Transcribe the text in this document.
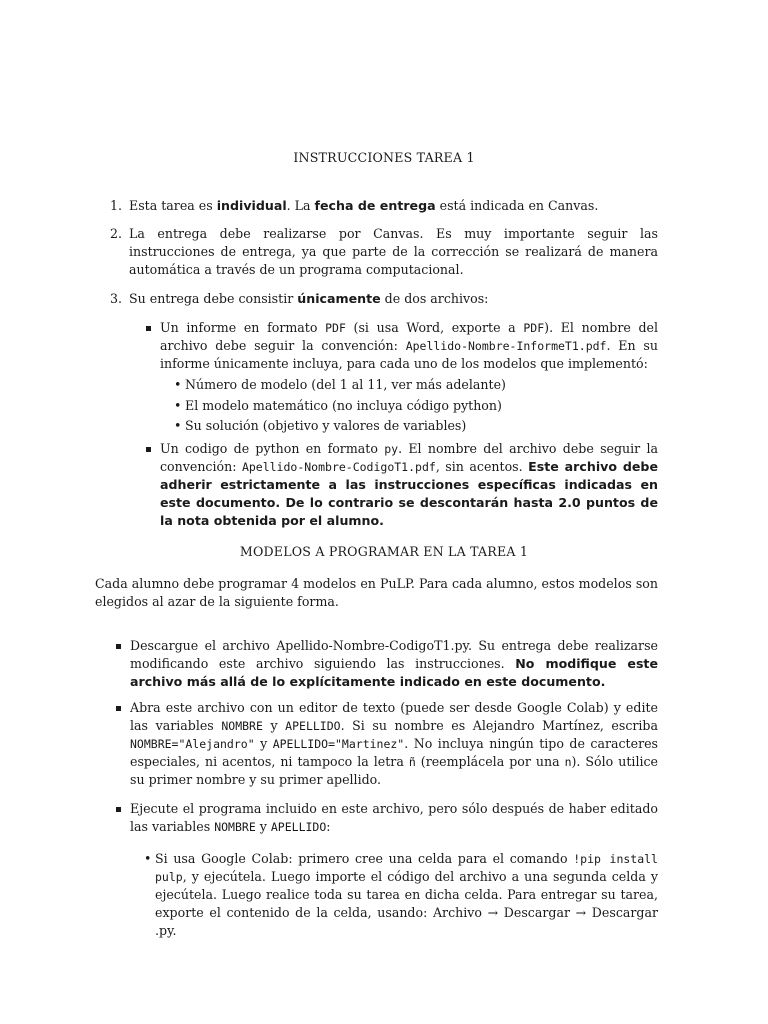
INSTRUCCIONES TAREA 1
1. Esta tarea es individual. La fecha de entrega está indicada en Canvas.
2. La entrega debe realizarse por Canvas. Es muy importante seguir las instrucciones de entrega, ya que parte de la corrección se realizará de manera automática a través de un programa computacional.
3. Su entrega debe consistir únicamente de dos archivos:
Un informe en formato PDF (si usa Word, exporte a PDF). El nombre del archivo debe seguir la convención: Apellido-Nombre-InformeT1.pdf. En su informe únicamente incluya, para cada uno de los modelos que implementó:
• Número de modelo (del 1 al 11, ver más adelante)
• El modelo matemático (no incluya código python)
• Su solución (objetivo y valores de variables)
Un codigo de python en formato py. El nombre del archivo debe seguir la convención: Apellido-Nombre-CodigoT1.pdf, sin acentos. Este archivo debe adherir estrictamente a las instrucciones específicas indicadas en este documento. De lo contrario se descontarán hasta 2.0 puntos de la nota obtenida por el alumno.
MODELOS A PROGRAMAR EN LA TAREA 1
Cada alumno debe programar 4 modelos en PuLP. Para cada alumno, estos modelos son elegidos al azar de la siguiente forma.
Descargue el archivo Apellido-Nombre-CodigoT1.py. Su entrega debe realizarse modificando este archivo siguiendo las instrucciones. No modifique este archivo más allá de lo explícitamente indicado en este documento.
Abra este archivo con un editor de texto (puede ser desde Google Colab) y edite las variables NOMBRE y APELLIDO. Si su nombre es Alejandro Martínez, escriba NOMBRE="Alejandro" y APELLIDO="Martinez". No incluya ningún tipo de caracteres especiales, ni acentos, ni tampoco la letra ñ (reemplácela por una n). Sólo utilice su primer nombre y su primer apellido.
Ejecute el programa incluido en este archivo, pero sólo después de haber editado las variables NOMBRE y APELLIDO:
• Si usa Google Colab: primero cree una celda para el comando !pip install pulp, y ejecútela. Luego importe el código del archivo a una segunda celda y ejecútela. Luego realice toda su tarea en dicha celda. Para entregar su tarea, exporte el contenido de la celda, usando: Archivo → Descargar → Descargar .py.
